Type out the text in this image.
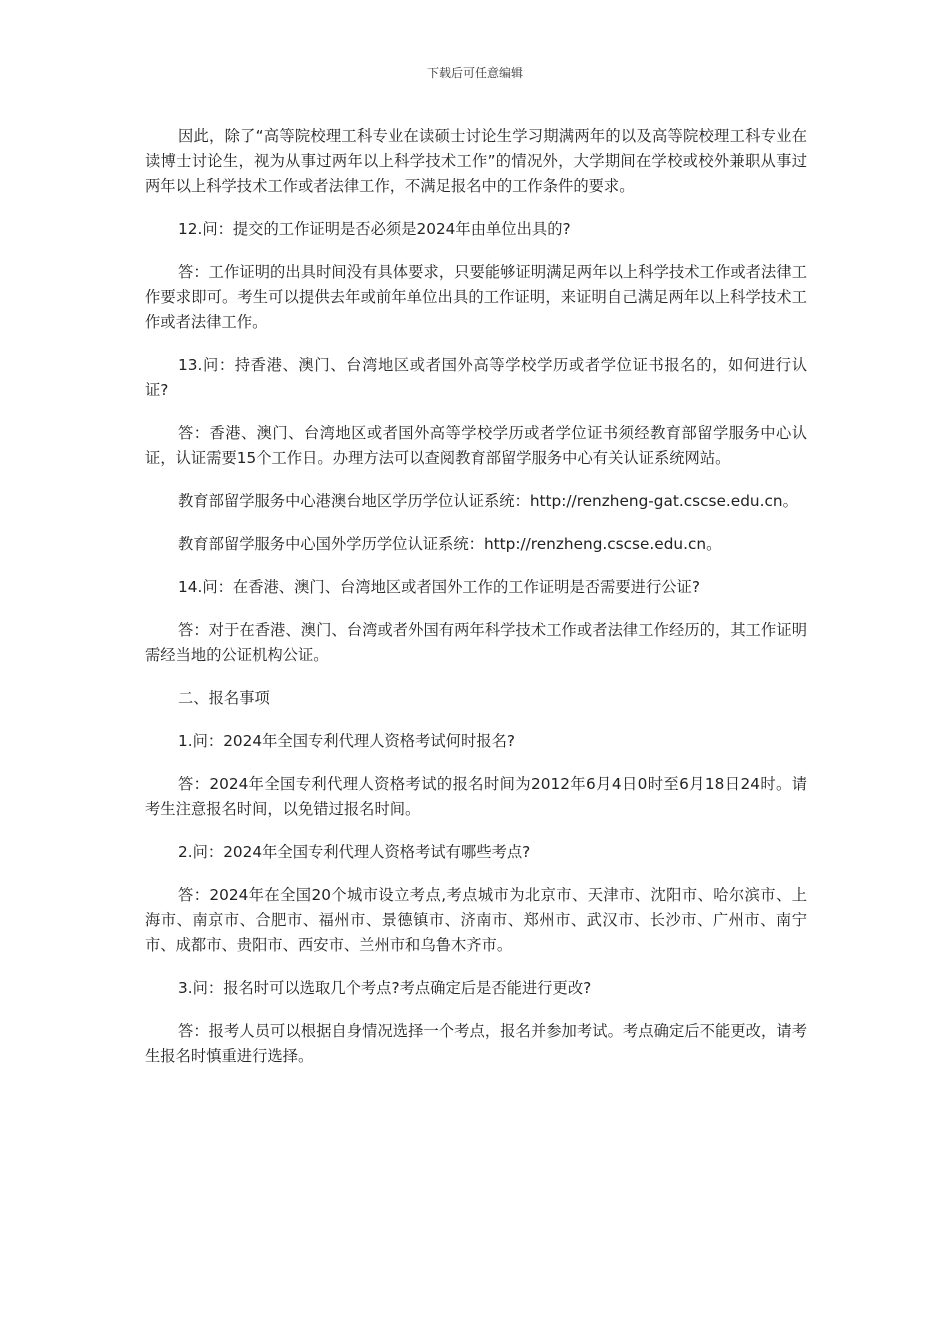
下载后可任意编辑

因此，除了“高等院校理工科专业在读硕士讨论生学习期满两年的以及高等院校理工科专业在读博士讨论生，视为从事过两年以上科学技术工作”的情况外，大学期间在学校或校外兼职从事过两年以上科学技术工作或者法律工作，不满足报名中的工作条件的要求。

12.问：提交的工作证明是否必须是2024年由单位出具的?

答：工作证明的出具时间没有具体要求，只要能够证明满足两年以上科学技术工作或者法律工作要求即可。考生可以提供去年或前年单位出具的工作证明，来证明自己满足两年以上科学技术工作或者法律工作。

13.问：持香港、澳门、台湾地区或者国外高等学校学历或者学位证书报名的，如何进行认证?

答：香港、澳门、台湾地区或者国外高等学校学历或者学位证书须经教育部留学服务中心认证，认证需要15个工作日。办理方法可以查阅教育部留学服务中心有关认证系统网站。

教育部留学服务中心港澳台地区学历学位认证系统：http://renzheng-gat.cscse.edu.cn。

教育部留学服务中心国外学历学位认证系统：http://renzheng.cscse.edu.cn。

14.问：在香港、澳门、台湾地区或者国外工作的工作证明是否需要进行公证?

答：对于在香港、澳门、台湾或者外国有两年科学技术工作或者法律工作经历的，其工作证明需经当地的公证机构公证。

二、报名事项

1.问：2024年全国专利代理人资格考试何时报名?

答：2024年全国专利代理人资格考试的报名时间为2012年6月4日0时至6月18日24时。请考生注意报名时间，以免错过报名时间。

2.问：2024年全国专利代理人资格考试有哪些考点?

答：2024年在全国20个城市设立考点,考点城市为北京市、天津市、沈阳市、哈尔滨市、上海市、南京市、合肥市、福州市、景德镇市、济南市、郑州市、武汉市、长沙市、广州市、南宁市、成都市、贵阳市、西安市、兰州市和乌鲁木齐市。

3.问：报名时可以选取几个考点?考点确定后是否能进行更改?

答：报考人员可以根据自身情况选择一个考点，报名并参加考试。考点确定后不能更改，请考生报名时慎重进行选择。
